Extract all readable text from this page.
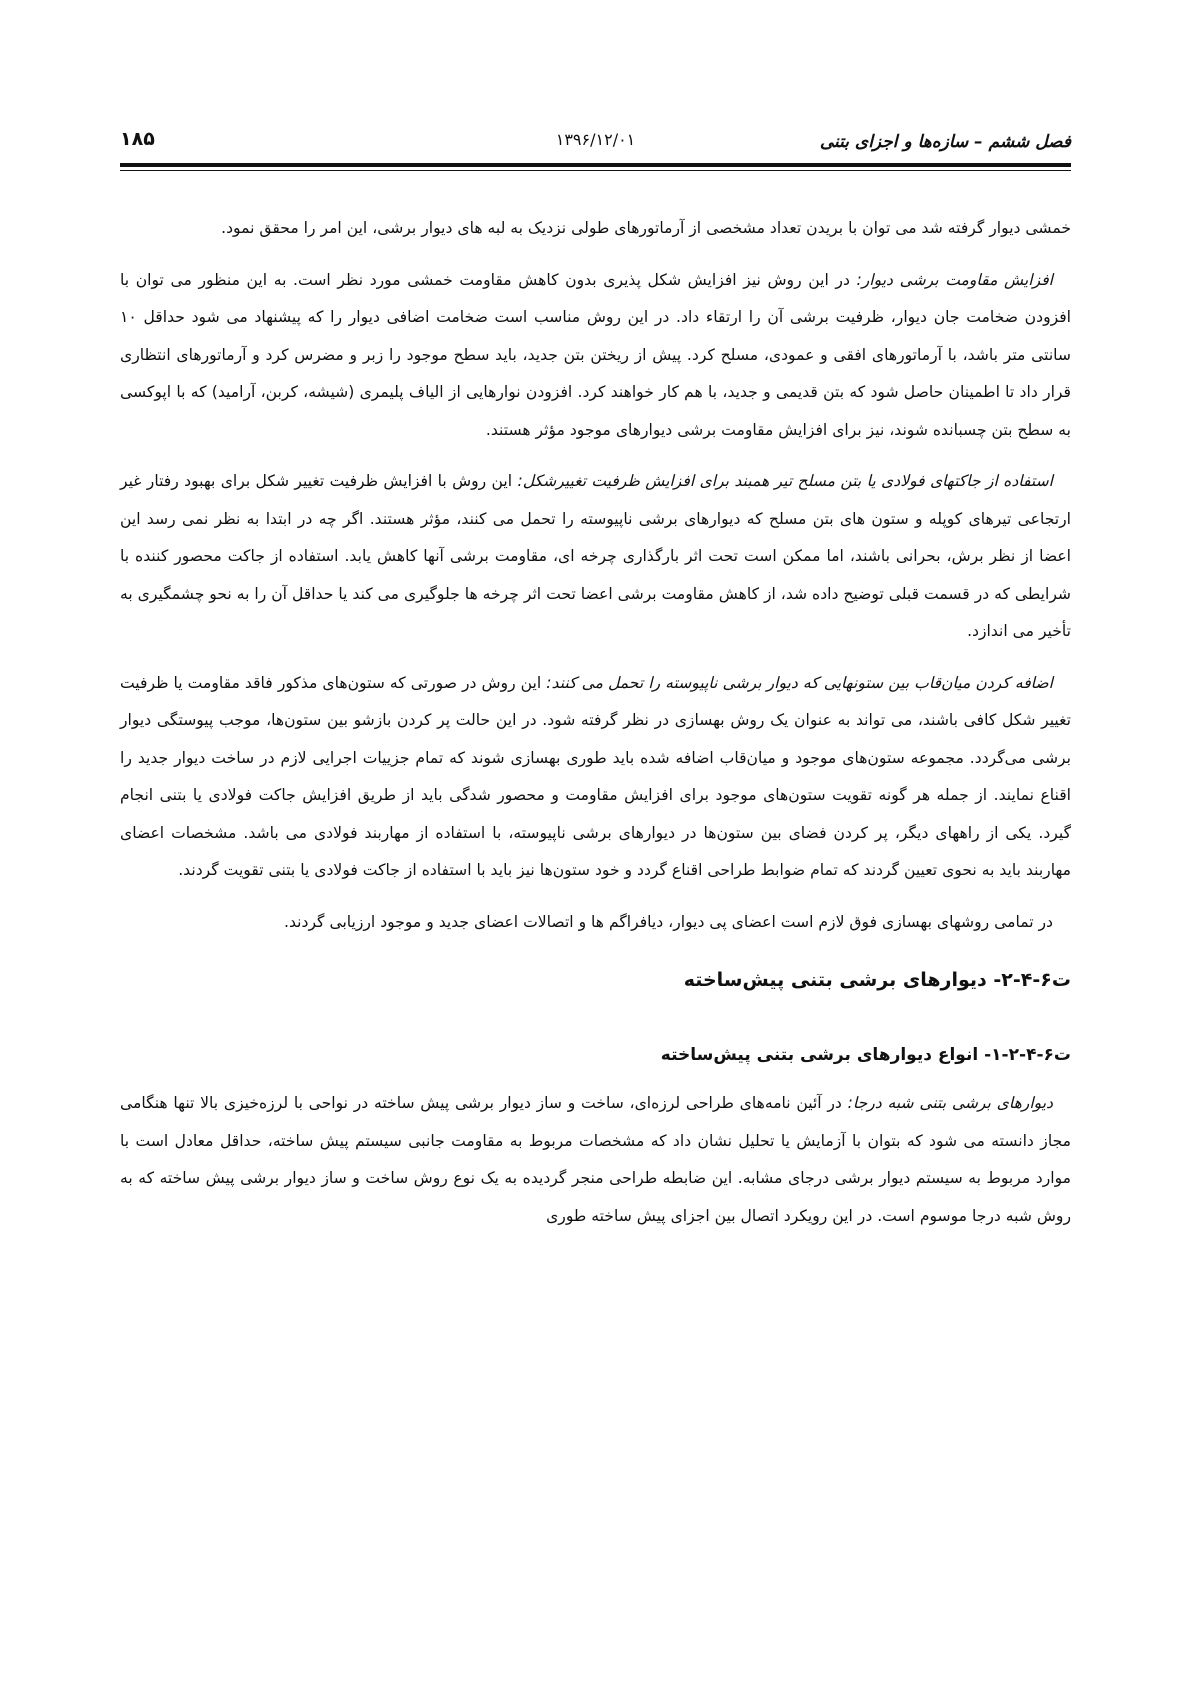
فصل ششم – سازه‌ها و اجزای بتنی
۱۳۹۶/۱۲/۰۱
۱۸۵

خمشی دیوار گرفته شد می توان با بریدن تعداد مشخصی از آرماتورهای طولی نزدیک به لبه های دیوار برشی، این امر را محقق نمود.

افزایش مقاومت برشی دیوار: در این روش نیز افزایش شکل پذیری بدون کاهش مقاومت خمشی مورد نظر است. به این منظور می توان با افزودن ضخامت جان دیوار، ظرفیت برشی آن را ارتقاء داد. در این روش مناسب است ضخامت اضافی دیوار را که پیشنهاد می شود حداقل ۱۰ سانتی متر باشد، با آرماتورهای افقی و عمودی، مسلح کرد. پیش از ریختن بتن جدید، باید سطح موجود را زبر و مضرس کرد و آرماتورهای انتظاری قرار داد تا اطمینان حاصل شود که بتن قدیمی و جدید، با هم کار خواهند کرد. افزودن نوارهایی از الیاف پلیمری (شیشه، کربن، آرامید) که با اپوکسی به سطح بتن چسبانده شوند، نیز برای افزایش مقاومت برشی دیوارهای موجود مؤثر هستند.

استفاده از جاکتهای فولادی یا بتن مسلح تیر همبند برای افزایش ظرفیت تغییرشکل: این روش با افزایش ظرفیت تغییر شکل برای بهبود رفتار غیر ارتجاعی تیرهای کوپله و ستون های بتن مسلح که دیوارهای برشی ناپیوسته را تحمل می کنند، مؤثر هستند. اگر چه در ابتدا به نظر نمی رسد این اعضا از نظر برش، بحرانی باشند، اما ممکن است تحت اثر بارگذاری چرخه ای، مقاومت برشی آنها کاهش یابد. استفاده از جاکت محصور کننده با شرایطی که در قسمت قبلی توضیح داده شد، از کاهش مقاومت برشی اعضا تحت اثر چرخه ها جلوگیری می کند یا حداقل آن را به نحو چشمگیری به تأخیر می اندازد.

اضافه کردن میان‌قاب بین ستونهایی که دیوار برشی ناپیوسته را تحمل می کنند: این روش در صورتی که ستون‌های مذکور فاقد مقاومت یا ظرفیت تغییر شکل کافی باشند، می تواند به عنوان یک روش بهسازی در نظر گرفته شود. در این حالت پر کردن بازشو بین ستون‌ها، موجب پیوستگی دیوار برشی می‌گردد. مجموعه ستون‌های موجود و میان‌قاب اضافه شده باید طوری بهسازی شوند که تمام جزییات اجرایی لازم در ساخت دیوار جدید را اقناع نمایند. از جمله هر گونه تقویت ستون‌های موجود برای افزایش مقاومت و محصور شدگی باید از طریق افزایش جاکت فولادی یا بتنی انجام گیرد. یکی از راههای دیگر، پر کردن فضای بین ستون‌ها در دیوارهای برشی ناپیوسته، با استفاده از مهاربند فولادی می باشد. مشخصات اعضای مهاربند باید به نحوی تعیین گردند که تمام ضوابط طراحی اقناع گردد و خود ستون‌ها نیز باید با استفاده از جاکت فولادی یا بتنی تقویت گردند.

در تمامی روشهای بهسازی فوق لازم است اعضای پی دیوار، دیافراگم ها و اتصالات اعضای جدید و موجود ارزیابی گردند.

ت۶-۴-۲- دیوارهای برشی بتنی پیش‌ساخته
ت۶-۴-۲-۱- انواع دیوارهای برشی بتنی پیش‌ساخته

دیوارهای برشی بتنی شبه درجا: در آئین نامه‌های طراحی لرزه‌ای، ساخت و ساز دیوار برشی پیش ساخته در نواحی با لرزه‌خیزی بالا تنها هنگامی مجاز دانسته می شود که بتوان با آزمایش یا تحلیل نشان داد که مشخصات مربوط به مقاومت جانبی سیستم پیش ساخته، حداقل معادل است با موارد مربوط به سیستم دیوار برشی درجای مشابه. این ضابطه طراحی منجر گردیده به یک نوع روش ساخت و ساز دیوار برشی پیش ساخته که به روش شبه درجا موسوم است. در این رویکرد اتصال بین اجزای پیش ساخته طوری
